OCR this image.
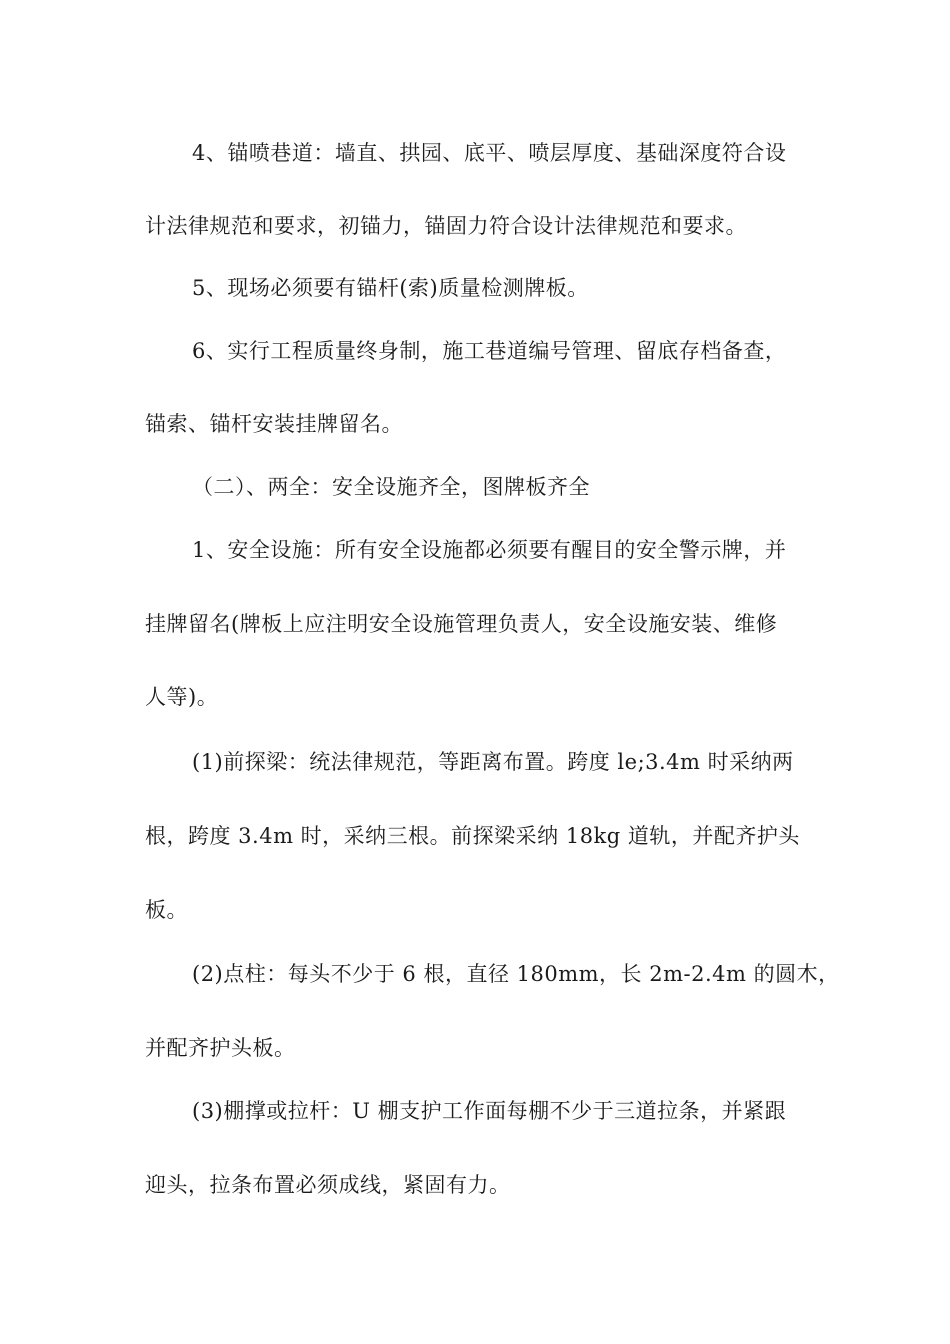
4、锚喷巷道：墙直、拱园、底平、喷层厚度、基础深度符合设
计法律规范和要求，初锚力，锚固力符合设计法律规范和要求。
5、现场必须要有锚杆(索)质量检测牌板。
6、实行工程质量终身制，施工巷道编号管理、留底存档备查，
锚索、锚杆安装挂牌留名。
（二）、两全：安全设施齐全，图牌板齐全
1、安全设施：所有安全设施都必须要有醒目的安全警示牌，并
挂牌留名(牌板上应注明安全设施管理负责人，安全设施安装、维修
人等)。
(1)前探梁：统法律规范，等距离布置。跨度 le;3.4m 时采纳两
根，跨度 3.4m 时，采纳三根。前探梁采纳 18kg 道轨，并配齐护头
板。
(2)点柱：每头不少于 6 根，直径 180mm，长 2m-2.4m 的圆木，
并配齐护头板。
(3)棚撑或拉杆：U 棚支护工作面每棚不少于三道拉条，并紧跟
迎头，拉条布置必须成线，紧固有力。
